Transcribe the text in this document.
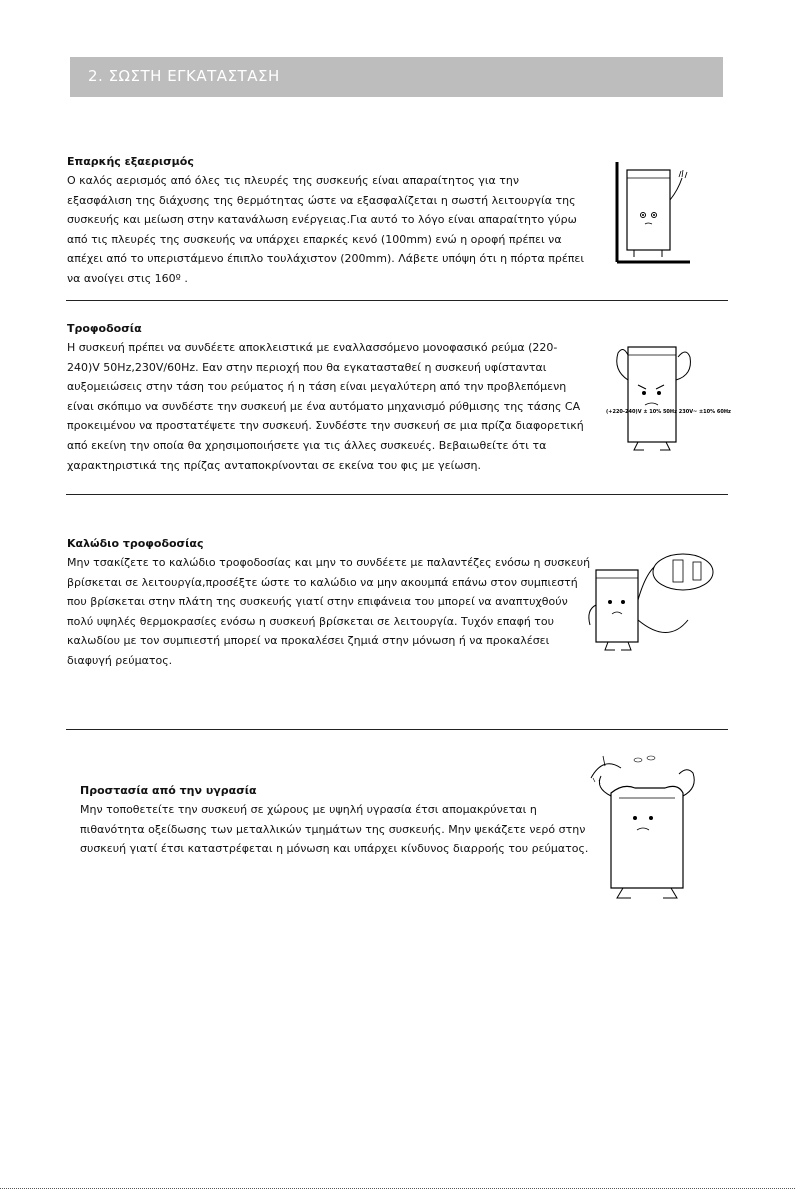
2. ΣΩΣΤΗ ΕΓΚΑΤΑΣΤΑΣΗ
Επαρκής εξαερισμός

Ο καλός αερισμός από όλες τις πλευρές της συσκευής είναι απαραίτητος για την εξασφάλιση της διάχυσης της θερμότητας ώστε να εξασφαλίζεται η σωστή λειτουργία της συσκευής και μείωση στην κατανάλωση ενέργειας.Για αυτό το λόγο είναι απαραίτητο γύρω από τις πλευρές της συσκευής να υπάρχει επαρκές κενό (100mm) ενώ η οροφή πρέπει να απέχει από το υπεριστάμενο έπιπλο τουλάχιστον (200mm). Λάβετε υπόψη ότι η πόρτα πρέπει να ανοίγει στις 160º .

Τροφοδοσία

Η συσκευή πρέπει να συνδέετε αποκλειστικά με εναλλασσόμενο μονοφασικό ρεύμα (220-240)V 50Hz,230V/60Hz. Εαν στην περιοχή που θα εγκατασταθεί η συσκευή υφίστανται αυξομειώσεις στην τάση του ρεύματος ή η τάση είναι μεγαλύτερη από την προβλεπόμενη είναι σκόπιμο να συνδέστε την συσκευή με ένα αυτόματο μηχανισμό ρύθμισης της τάσης CA προκειμένου να προστατέψετε την συσκευή. Συνδέστε την συσκευή σε μια πρίζα διαφορετική από εκείνη την οποία θα χρησιμοποιήσετε για τις άλλες συσκευές. Βεβαιωθείτε ότι τα χαρακτηριστικά της πρίζας ανταποκρίνονται σε εκείνα του φις με γείωση.

(+220-240)V ± 10% 50Hz 230V~ ±10% 60Hz
Καλώδιο τροφοδοσίας

Μην τσακίζετε το καλώδιο τροφοδοσίας και μην το συνδέετε με παλαντέζες ενόσω η συσκευή βρίσκεται σε λειτουργία,προσέξτε ώστε το καλώδιο να μην ακουμπά επάνω στον συμπιεστή που βρίσκεται στην πλάτη της συσκευής γιατί στην επιφάνεια του μπορεί να αναπτυχθούν πολύ υψηλές θερμοκρασίες ενόσω η συσκευή βρίσκεται σε λειτουργία. Τυχόν επαφή του καλωδίου με τον συμπιεστή μπορεί να προκαλέσει ζημιά στην μόνωση ή να προκαλέσει διαφυγή ρεύματος.

Προστασία από την υγρασία

Μην τοποθετείτε την συσκευή σε χώρους με υψηλή υγρασία έτσι απομακρύνεται η πιθανότητα οξείδωσης των μεταλλικών τμημάτων της συσκευής. Μην ψεκάζετε νερό στην συσκευή γιατί έτσι καταστρέφεται η μόνωση και υπάρχει κίνδυνος διαρροής του ρεύματος.
